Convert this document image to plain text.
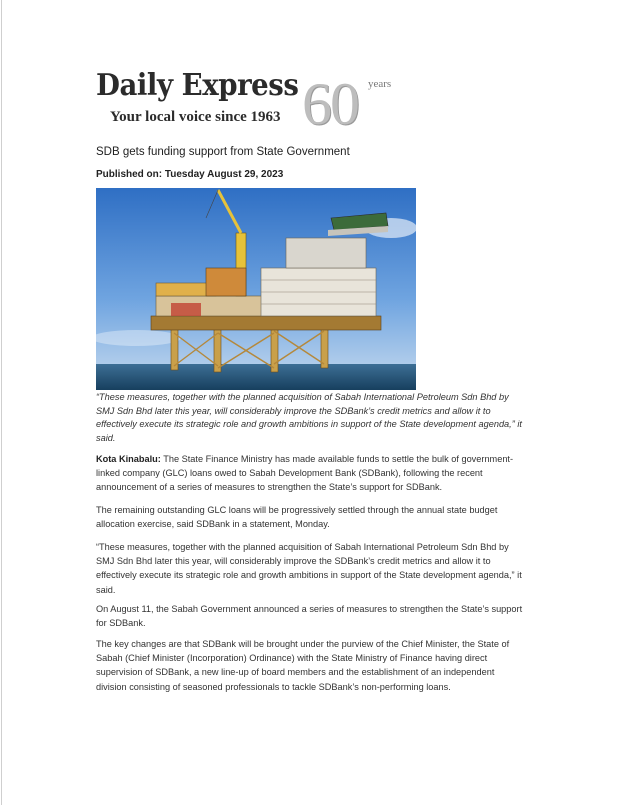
Daily Express
Your local voice since 1963 60 years
SDB gets funding support from State Government
Published on: Tuesday August 29, 2023

“These measures, together with the planned acquisition of Sabah International Petroleum Sdn Bhd by SMJ Sdn Bhd later this year, will considerably improve the SDBank’s credit metrics and allow it to effectively execute its strategic role and growth ambitions in support of the State development agenda,” it said.

Kota Kinabalu: The State Finance Ministry has made available funds to settle the bulk of government-linked company (GLC) loans owed to Sabah Development Bank (SDBank), following the recent announcement of a series of measures to strengthen the State’s support for SDBank.

The remaining outstanding GLC loans will be progressively settled through the annual state budget allocation exercise, said SDBank in a statement, Monday.

“These measures, together with the planned acquisition of Sabah International Petroleum Sdn Bhd by SMJ Sdn Bhd later this year, will considerably improve the SDBank’s credit metrics and allow it to effectively execute its strategic role and growth ambitions in support of the State development agenda,” it said.

On August 11, the Sabah Government announced a series of measures to strengthen the State’s support for SDBank.

The key changes are that SDBank will be brought under the purview of the Chief Minister, the State of Sabah (Chief Minister (Incorporation) Ordinance) with the State Ministry of Finance having direct supervision of SDBank, a new line-up of board members and the establishment of an independent division consisting of seasoned professionals to tackle SDBank’s non-performing loans.
